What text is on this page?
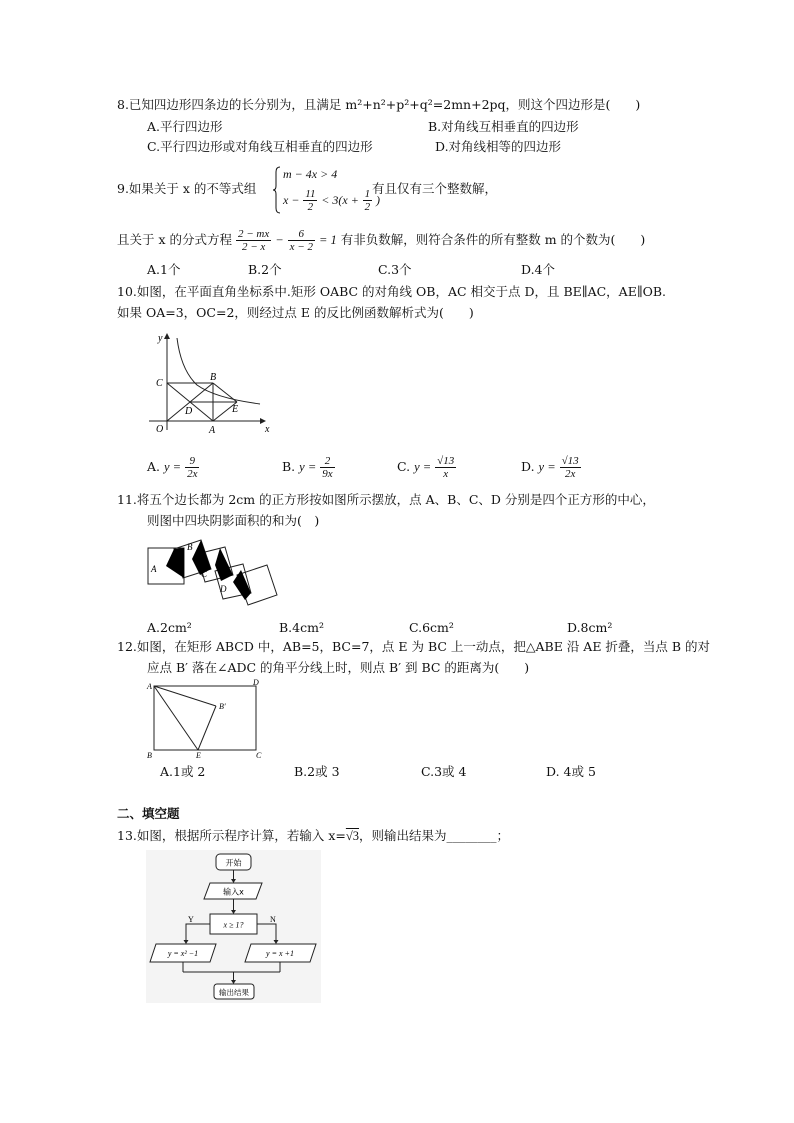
8.已知四边形四条边的长分别为，且满足 m²+n²+p²+q²=2mn+2pq，则这个四边形是(　　)
A.平行四边形	B.对角线互相垂直的四边形
C.平行四边形或对角线互相垂直的四边形	D.对角线相等的四边形
9.如果关于 x 的不等式组
m − 4x > 4
$x - \frac{11}{2} < 3(x + \frac{1}{2}$ )
有且仅有三个整数解，
且关于 x 的分式方程 $\frac{2 - mx}{2 - x} - \frac{6}{x - 2} = 1$ 有非负数解，则符合条件的所有整数 m 的个数为(　　)
A.1个	B.2个	C.3个	D.4个
10.如图，在平面直角坐标系中.矩形 OABC 的对角线 OB，AC 相交于点 D，且 BE∥AC，AE∥OB.
如果 OA=3，OC=2，则经过点 E 的反比例函数解析式为(　　)
y
x
O	A
B
C
D	E
A. $y = \frac{9}{2x}$	B. $y = \frac{2}{9x}$	C. $y = \frac{√13}{x}$	D. $y = \frac{√13}{2x}$
11.将五个边长都为 2cm 的正方形按如图所示摆放，点 A、B、C、D 分别是四个正方形的中心，
则图中四块阴影面积的和为(　)
A
B
C
D
A.2cm²	B.4cm²	C.6cm²	D.8cm²
12.如图，在矩形 ABCD 中，AB=5，BC=7，点 E 为 BC 上一动点，把△ABE 沿 AE 折叠，当点 B 的对
应点 B′ 落在∠ADC 的角平分线上时，则点 B′ 到 BC 的距离为(　　)
A	D
B	C
E
B′
A.1或 2	B.2或 3	C.3或 4	D. 4或 5
二、填空题
13.如图，根据所示程序计算，若输入 x=√3，则输出结果为________；
开始
输入x
x ≥ 1?
Y	N
y = x² −1	y = x +1
输出结果
